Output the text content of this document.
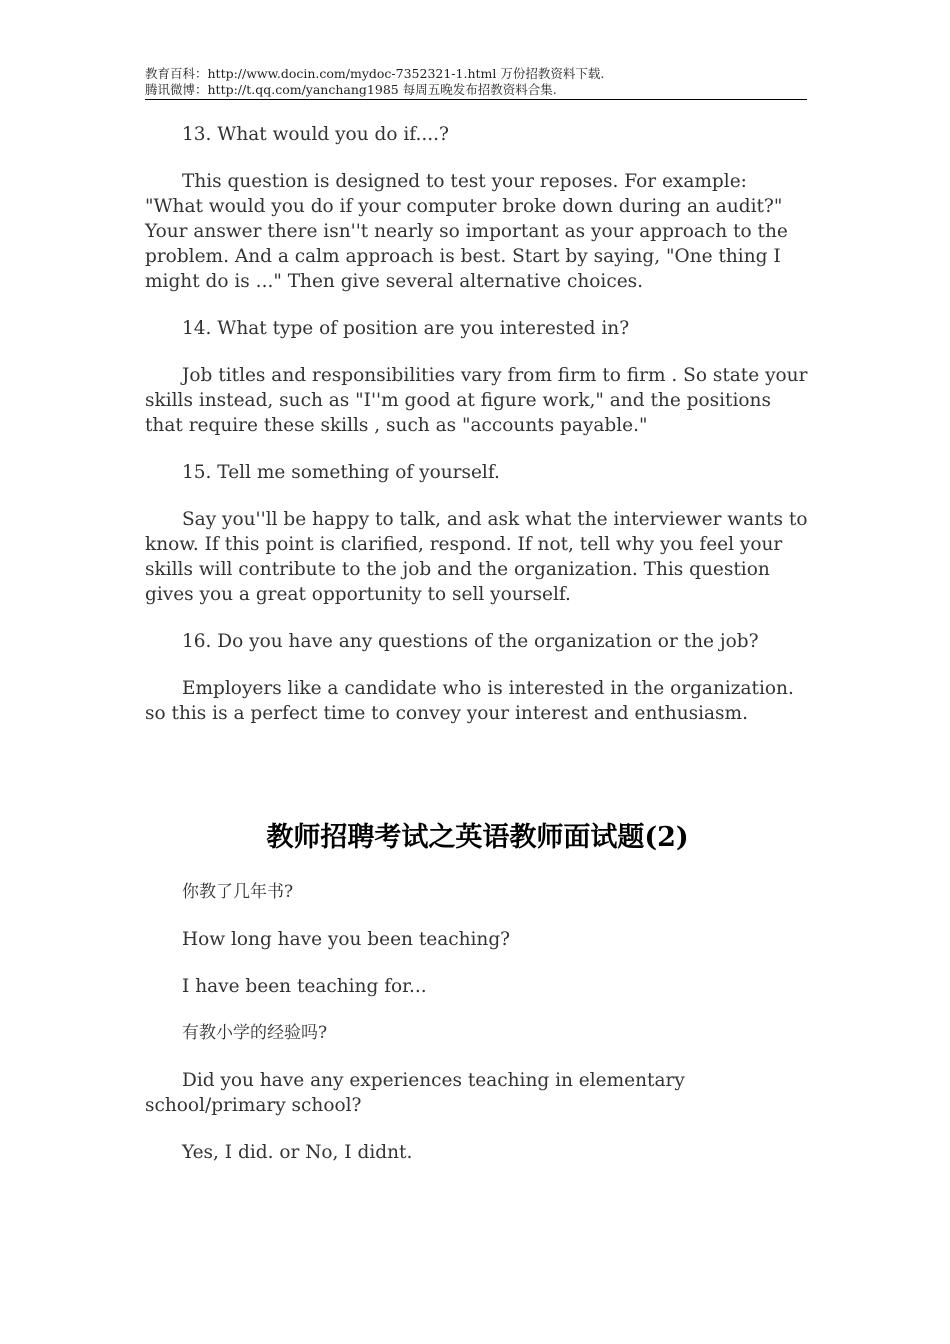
教育百科：http://www.docin.com/mydoc-7352321-1.html 万份招教资料下载.
腾讯微博：http://t.qq.com/yanchang1985 每周五晚发布招教资料合集.

13. What would you do if....?

This question is designed to test your reposes. For example: "What would you do if your computer broke down during an audit?" Your answer there isn''t nearly so important as your approach to the problem. And a calm approach is best. Start by saying, "One thing I might do is ..." Then give several alternative choices.

14. What type of position are you interested in?

Job titles and responsibilities vary from firm to firm . So state your skills instead, such as "I''m good at figure work," and the positions that require these skills , such as "accounts payable."

15. Tell me something of yourself.

Say you''ll be happy to talk, and ask what the interviewer wants to know. If this point is clarified, respond. If not, tell why you feel your skills will contribute to the job and the organization. This question gives you a great opportunity to sell yourself.

16. Do you have any questions of the organization or the job?

Employers like a candidate who is interested in the organization. so this is a perfect time to convey your interest and enthusiasm.

教师招聘考试之英语教师面试题(2)

你教了几年书?

How long have you been teaching?

I have been teaching for...

有教小学的经验吗?

Did you have any experiences teaching in elementary school/primary school?

Yes, I did. or No, I didnt.
